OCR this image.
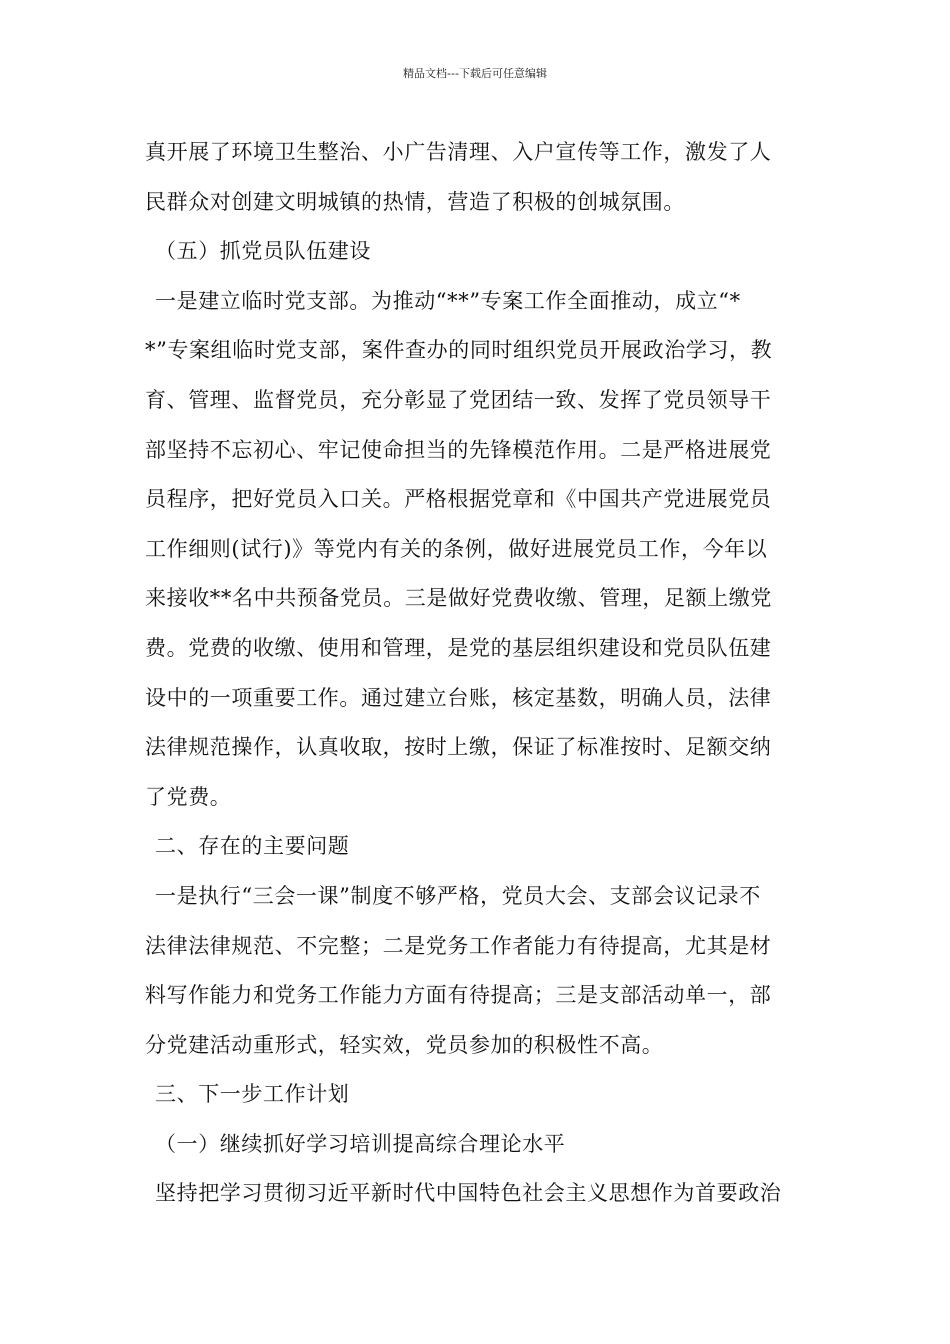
精品文档---下载后可任意编辑

真开展了环境卫生整治、小广告清理、入户宣传等工作，激发了人

民群众对创建文明城镇的热情，营造了积极的创城氛围。

（五）抓党员队伍建设

一是建立临时党支部。为推动“**”专案工作全面推动，成立“*

*”专案组临时党支部，案件查办的同时组织党员开展政治学习，教

育、管理、监督党员，充分彰显了党团结一致、发挥了党员领导干

部坚持不忘初心、牢记使命担当的先锋模范作用。二是严格进展党

员程序，把好党员入口关。严格根据党章和《中国共产党进展党员

工作细则(试行)》等党内有关的条例，做好进展党员工作，今年以

来接收**名中共预备党员。三是做好党费收缴、管理，足额上缴党

费。党费的收缴、使用和管理，是党的基层组织建设和党员队伍建

设中的一项重要工作。通过建立台账，核定基数，明确人员，法律

法律规范操作，认真收取，按时上缴，保证了标准按时、足额交纳

了党费。

二、存在的主要问题

一是执行“三会一课”制度不够严格，党员大会、支部会议记录不

法律法律规范、不完整；二是党务工作者能力有待提高，尤其是材

料写作能力和党务工作能力方面有待提高；三是支部活动单一，部

分党建活动重形式，轻实效，党员参加的积极性不高。

三、下一步工作计划

（一）继续抓好学习培训提高综合理论水平

坚持把学习贯彻习近平新时代中国特色社会主义思想作为首要政治
